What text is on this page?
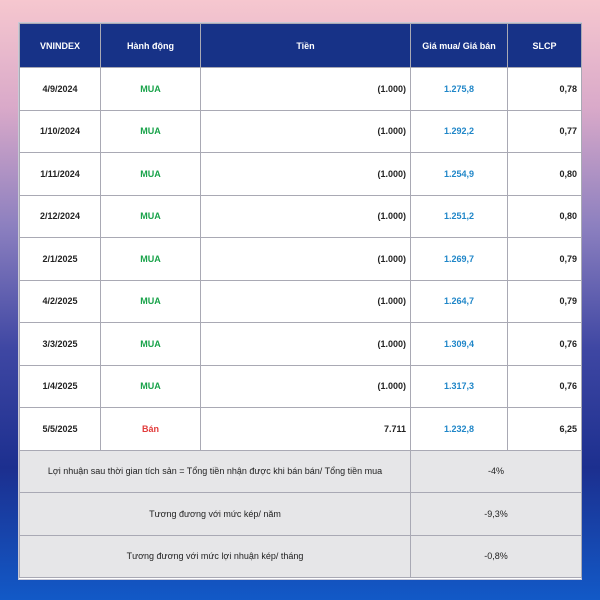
VNINDEX	Hành động	Tiền	Giá mua/ Giá bán	SLCP
4/9/2024	MUA	(1.000)	1.275,8	0,78
1/10/2024	MUA	(1.000)	1.292,2	0,77
1/11/2024	MUA	(1.000)	1.254,9	0,80
2/12/2024	MUA	(1.000)	1.251,2	0,80
2/1/2025	MUA	(1.000)	1.269,7	0,79
4/2/2025	MUA	(1.000)	1.264,7	0,79
3/3/2025	MUA	(1.000)	1.309,4	0,76
1/4/2025	MUA	(1.000)	1.317,3	0,76
5/5/2025	Bán	7.711	1.232,8	6,25
Lợi nhuận sau thời gian tích sản = Tổng tiền nhận được khi bán bán/ Tổng tiền mua			-4%	
Tương đương với mức kép/ năm			-9,3%	
Tương đương với mức lợi nhuận kép/ tháng			-0,8%	
